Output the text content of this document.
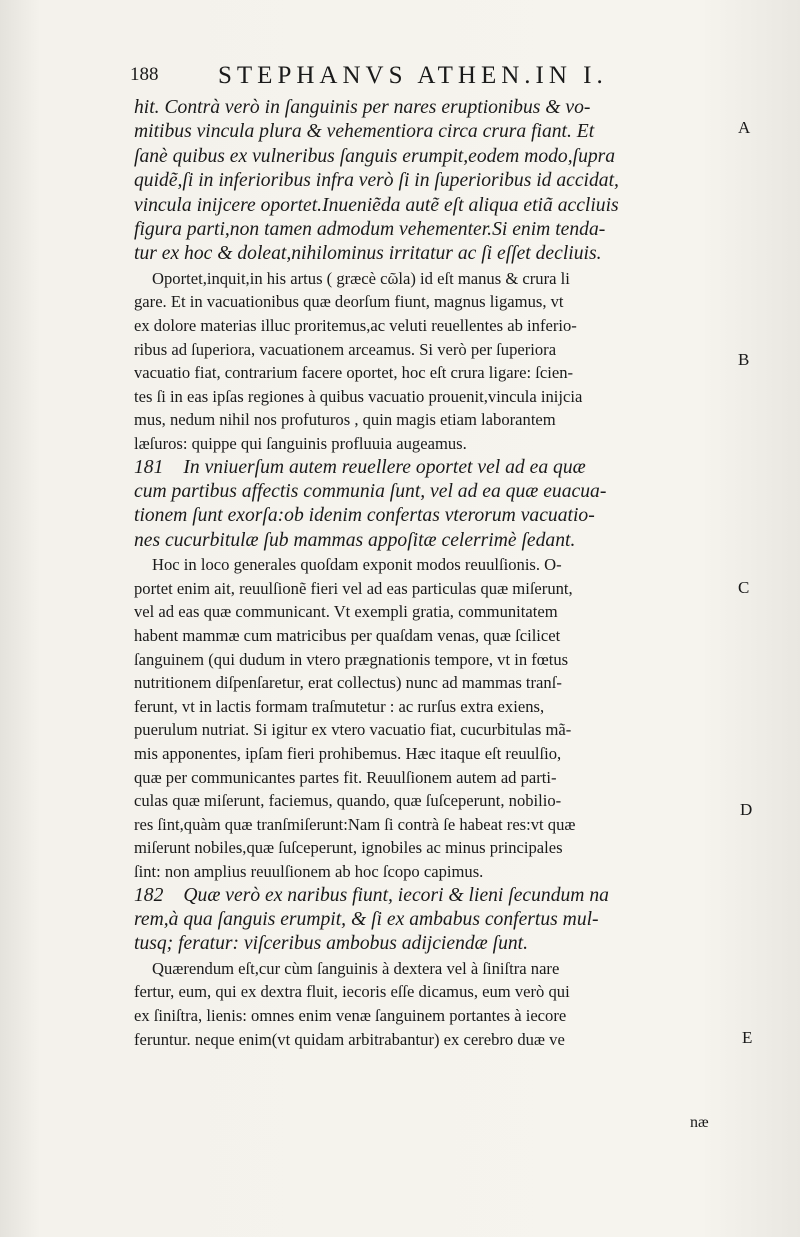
188 STEPHANVS ATHEN.IN I.
hit. Contrà verò in ſanguinis per nares eruptionibus & vo-
mitibus vincula plura & vehementiora circa crura fiant. Et
ſanè quibus ex vulneribus ſanguis erumpit,eodem modo,ſupra
quidẽ,ſi in inferioribus infra verò ſi in ſuperioribus id accidat,
vincula inijcere oportet.Inueniẽda autẽ eſt aliqua etiã accliuis
figura parti,non tamen admodum vehementer.Si enim tenda-
tur ex hoc & doleat,nihilominus irritatur ac ſi eſſet decliuis.
Oportet,inquit,in his artus ( græcè cῶla) id eſt manus & crura li
gare. Et in vacuationibus quæ deorſum fiunt, magnus ligamus, vt
ex dolore materias illuc proritemus,ac veluti reuellentes ab inferio-
ribus ad ſuperiora, vacuationem arceamus. Si verò per ſuperiora
vacuatio fiat, contrarium facere oportet, hoc eſt crura ligare: ſcien-
tes ſi in eas ipſas regiones à quibus vacuatio prouenit,vincula inijcia
mus, nedum nihil nos profuturos , quin magis etiam laborantem
læſuros: quippe qui ſanguinis profluuia augeamus.
181 In vniuerſum autem reuellere oportet vel ad ea quæ
cum partibus affectis communia ſunt, vel ad ea quæ euacua-
tionem ſunt exorſa:ob idenim confertas vterorum vacuatio-
nes cucurbitulæ ſub mammas appoſitæ celerrimè ſedant.
Hoc in loco generales quoſdam exponit modos reuulſionis. O-
portet enim ait, reuulſionẽ fieri vel ad eas particulas quæ miſerunt,
vel ad eas quæ communicant. Vt exempli gratia, communitatem
habent mammæ cum matricibus per quaſdam venas, quæ ſcilicet
ſanguinem (qui dudum in vtero prægnationis tempore, vt in fœtus
nutritionem diſpenſaretur, erat collectus) nunc ad mammas tranſ-
ferunt, vt in lactis formam traſmutetur : ac rurſus extra exiens,
puerulum nutriat. Si igitur ex vtero vacuatio fiat, cucurbitulas mã-
mis apponentes, ipſam fieri prohibemus. Hæc itaque eſt reuulſio,
quæ per communicantes partes fit. Reuulſionem autem ad parti-
culas quæ miſerunt, faciemus, quando, quæ ſuſceperunt, nobilio-
res ſint,quàm quæ tranſmiſerunt:Nam ſi contrà ſe habeat res:vt quæ
miſerunt nobiles,quæ ſuſceperunt, ignobiles ac minus principales
ſint: non amplius reuulſionem ab hoc ſcopo capimus.
182 Quæ verò ex naribus fiunt, iecori & lieni ſecundum na
rem,à qua ſanguis erumpit, & ſi ex ambabus confertus mul-
tusq; feratur: viſceribus ambobus adijciendæ ſunt.
Quærendum eſt,cur cùm ſanguinis à dextera vel à ſiniſtra nare
fertur, eum, qui ex dextra fluit, iecoris eſſe dicamus, eum verò qui
ex ſiniſtra, lienis: omnes enim venæ ſanguinem portantes à iecore
feruntur. neque enim(vt quidam arbitrabantur) ex cerebro duæ ve
næ
A
B
C
D
E
